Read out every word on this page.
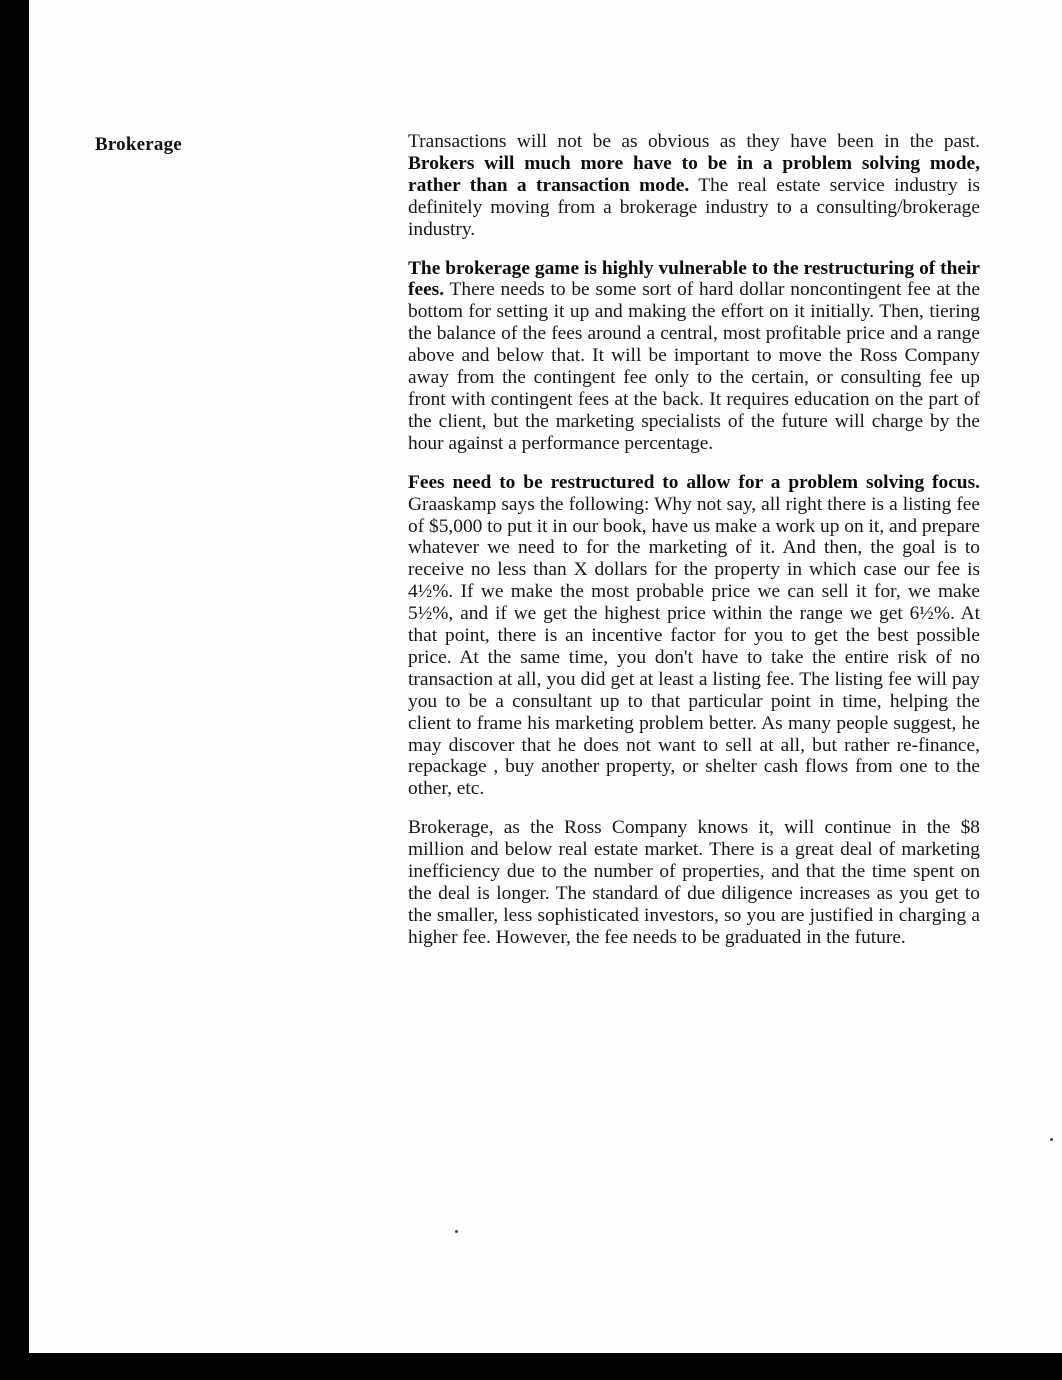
Brokerage	Transactions will not be as obvious as they have been in the past. Brokers will much more have to be in a problem solving mode, rather than a transaction mode. The real estate service industry is definitely moving from a brokerage industry to a consulting/brokerage industry.

The brokerage game is highly vulnerable to the restructuring of their fees. There needs to be some sort of hard dollar noncontingent fee at the bottom for setting it up and making the effort on it initially. Then, tiering the balance of the fees around a central, most profitable price and a range above and below that. It will be important to move the Ross Company away from the contingent fee only to the certain, or consulting fee up front with contingent fees at the back. It requires education on the part of the client, but the marketing specialists of the future will charge by the hour against a performance percentage.

Fees need to be restructured to allow for a problem solving focus. Graaskamp says the following: Why not say, all right there is a listing fee of $5,000 to put it in our book, have us make a work up on it, and prepare whatever we need to for the marketing of it. And then, the goal is to receive no less than X dollars for the property in which case our fee is 4½%. If we make the most probable price we can sell it for, we make 5½%, and if we get the highest price within the range we get 6½%. At that point, there is an incentive factor for you to get the best possible price. At the same time, you don't have to take the entire risk of no transaction at all, you did get at least a listing fee. The listing fee will pay you to be a consultant up to that particular point in time, helping the client to frame his marketing problem better. As many people suggest, he may discover that he does not want to sell at all, but rather re-finance, repackage , buy another property, or shelter cash flows from one to the other, etc.

Brokerage, as the Ross Company knows it, will continue in the $8 million and below real estate market. There is a great deal of marketing inefficiency due to the number of properties, and that the time spent on the deal is longer. The standard of due diligence increases as you get to the smaller, less sophisticated investors, so you are justified in charging a higher fee. However, the fee needs to be graduated in the future.
